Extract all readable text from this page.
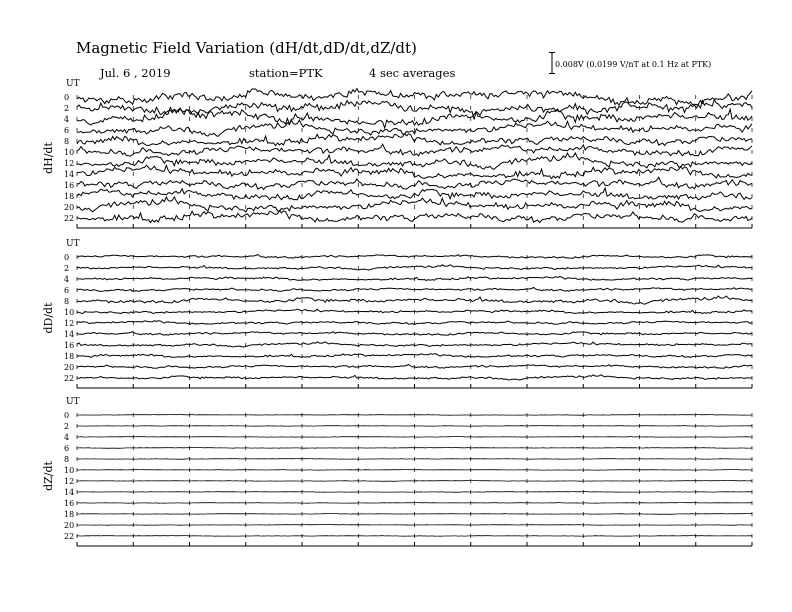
Magnetic Field Variation (dH/dt,dD/dt,dZ/dt)
Jul. 6 , 2019	station=PTK	4 sec averages
0.008V (0.0199 V/nT at 0.1 Hz at PTK)
UT
dH/dt
0
2
4
6
8
10
12
14
16
18
20
22
UT
dD/dt
0
2
4
6
8
10
12
14
16
18
20
22
UT
dZ/dt
0
2
4
6
8
10
12
14
16
18
20
22
